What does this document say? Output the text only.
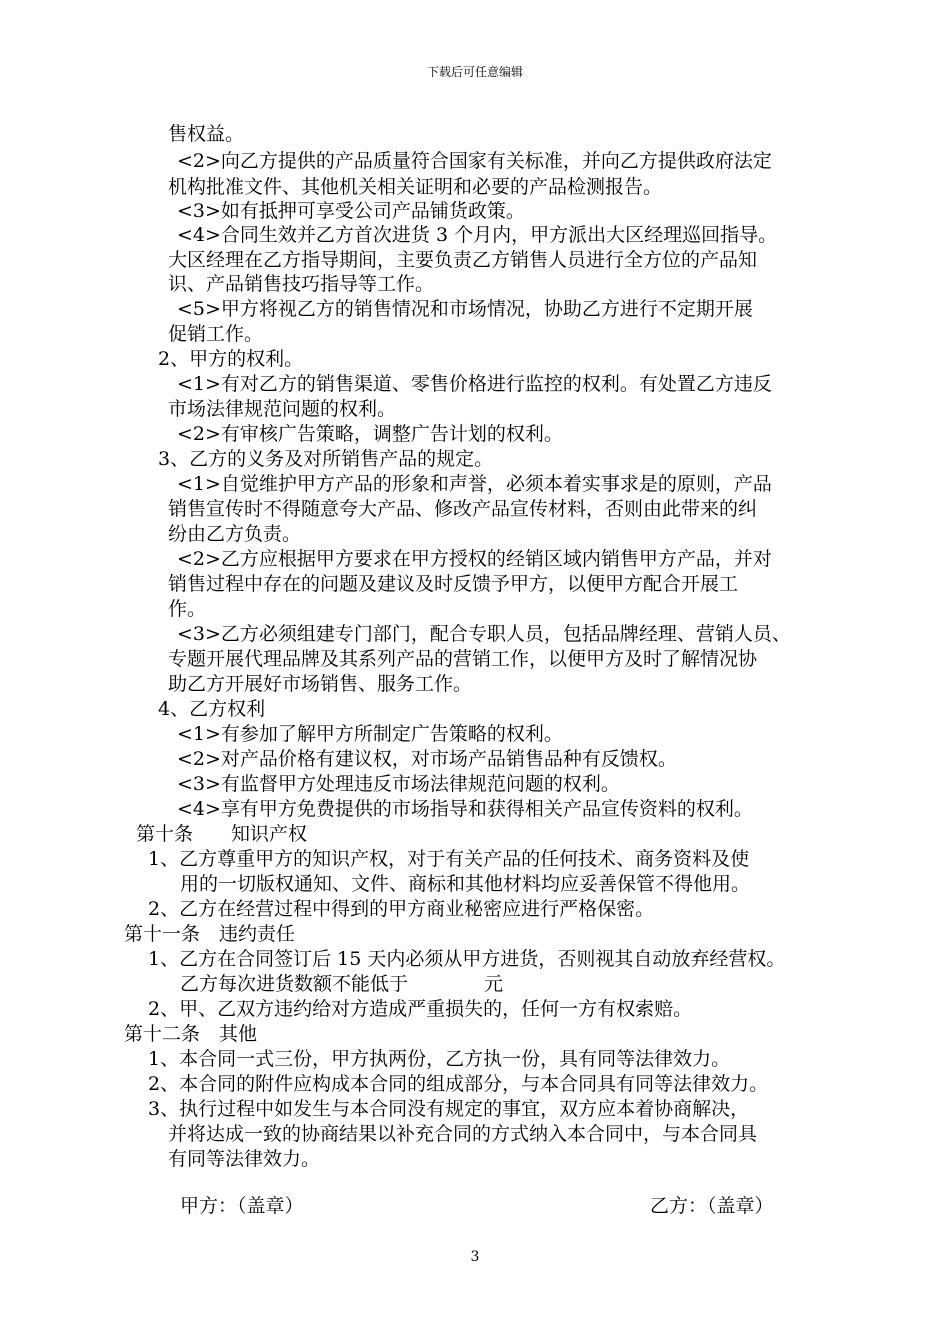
下载后可任意编辑
售权益。
<2>向乙方提供的产品质量符合国家有关标准，并向乙方提供政府法定
机构批准文件、其他机关相关证明和必要的产品检测报告。
<3>如有抵押可享受公司产品铺货政策。
<4>合同生效并乙方首次进货 3 个月内，甲方派出大区经理巡回指导。
大区经理在乙方指导期间，主要负责乙方销售人员进行全方位的产品知
识、产品销售技巧指导等工作。
<5>甲方将视乙方的销售情况和市场情况，协助乙方进行不定期开展
促销工作。
2、甲方的权利。
<1>有对乙方的销售渠道、零售价格进行监控的权利。有处置乙方违反
市场法律规范问题的权利。
<2>有审核广告策略，调整广告计划的权利。
3、乙方的义务及对所销售产品的规定。
<1>自觉维护甲方产品的形象和声誉，必须本着实事求是的原则，产品
销售宣传时不得随意夸大产品、修改产品宣传材料，否则由此带来的纠
纷由乙方负责。
<2>乙方应根据甲方要求在甲方授权的经销区域内销售甲方产品，并对
销售过程中存在的问题及建议及时反馈予甲方，以便甲方配合开展工
作。
<3>乙方必须组建专门部门，配合专职人员，包括品牌经理、营销人员、
专题开展代理品牌及其系列产品的营销工作，以便甲方及时了解情况协
助乙方开展好市场销售、服务工作。
4、乙方权利
<1>有参加了解甲方所制定广告策略的权利。
<2>对产品价格有建议权，对市场产品销售品种有反馈权。
<3>有监督甲方处理违反市场法律规范问题的权利。
<4>享有甲方免费提供的市场指导和获得相关产品宣传资料的权利。
第十条　　知识产权
1、乙方尊重甲方的知识产权，对于有关产品的任何技术、商务资料及使
用的一切版权通知、文件、商标和其他材料均应妥善保管不得他用。
2、乙方在经营过程中得到的甲方商业秘密应进行严格保密。
第十一条　违约责任
1、乙方在合同签订后 15 天内必须从甲方进货，否则视其自动放弃经营权。
乙方每次进货数额不能低于　　　　元
2、甲、乙双方违约给对方造成严重损失的，任何一方有权索赔。
第十二条　其他
1、本合同一式三份，甲方执两份，乙方执一份，具有同等法律效力。
2、本合同的附件应构成本合同的组成部分，与本合同具有同等法律效力。
3、执行过程中如发生与本合同没有规定的事宜，双方应本着协商解决，
并将达成一致的协商结果以补充合同的方式纳入本合同中，与本合同具
有同等法律效力。
甲方：（盖章）	乙方：（盖章）
3
